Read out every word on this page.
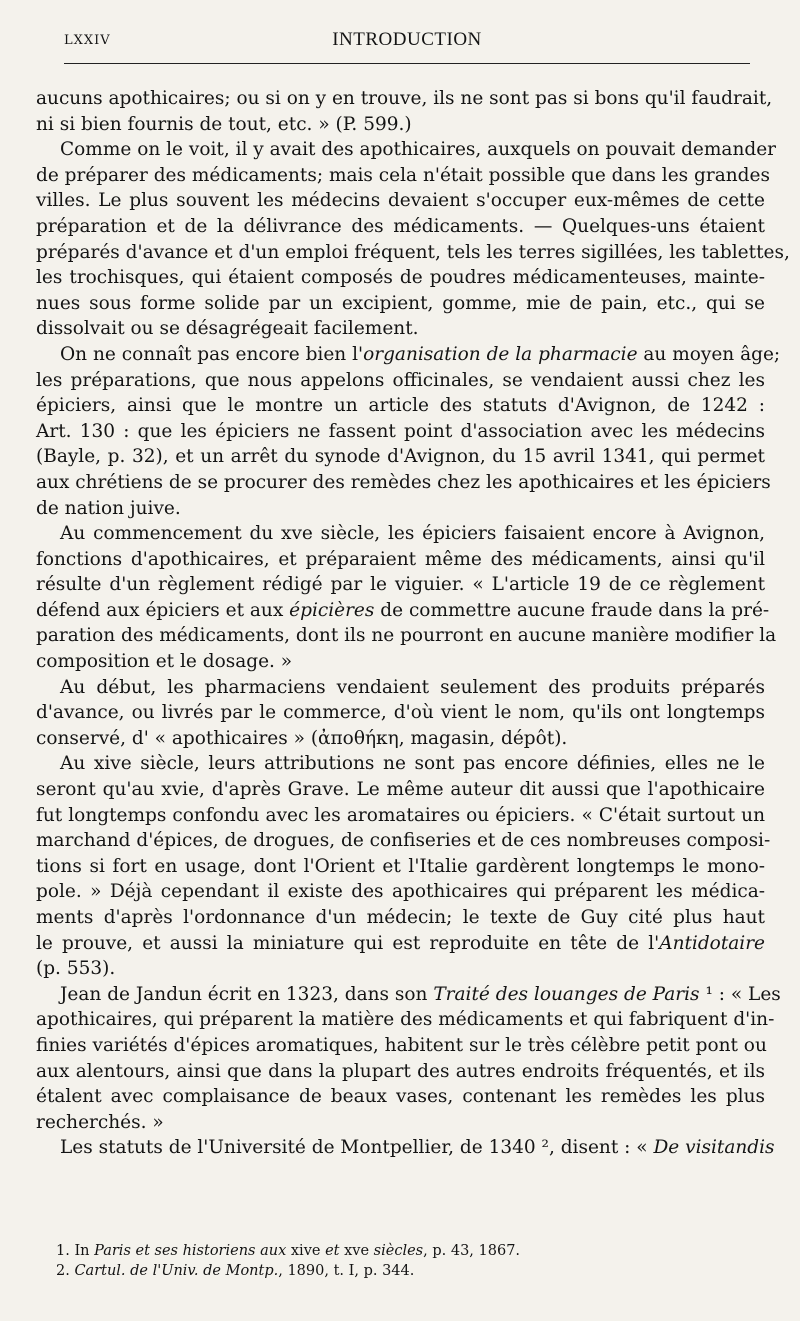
LXXIV	INTRODUCTION
aucuns apothicaires; ou si on y en trouve, ils ne sont pas si bons qu'il faudrait,
ni si bien fournis de tout, etc. » (P. 599.)
Comme on le voit, il y avait des apothicaires, auxquels on pouvait demander
de préparer des médicaments; mais cela n'était possible que dans les grandes
villes. Le plus souvent les médecins devaient s'occuper eux-mêmes de cette
préparation et de la délivrance des médicaments. — Quelques-uns étaient
préparés d'avance et d'un emploi fréquent, tels les terres sigillées, les tablettes,
les trochisques, qui étaient composés de poudres médicamenteuses, mainte-
nues sous forme solide par un excipient, gomme, mie de pain, etc., qui se
dissolvait ou se désagrégeait facilement.
On ne connaît pas encore bien l'organisation de la pharmacie au moyen âge;
les préparations, que nous appelons officinales, se vendaient aussi chez les
épiciers, ainsi que le montre un article des statuts d'Avignon, de 1242 :
Art. 130 : que les épiciers ne fassent point d'association avec les médecins
(Bayle, p. 32), et un arrêt du synode d'Avignon, du 15 avril 1341, qui permet
aux chrétiens de se procurer des remèdes chez les apothicaires et les épiciers
de nation juive.
Au commencement du xve siècle, les épiciers faisaient encore à Avignon,
fonctions d'apothicaires, et préparaient même des médicaments, ainsi qu'il
résulte d'un règlement rédigé par le viguier. « L'article 19 de ce règlement
défend aux épiciers et aux épicières de commettre aucune fraude dans la pré-
paration des médicaments, dont ils ne pourront en aucune manière modifier la
composition et le dosage. »
Au début, les pharmaciens vendaient seulement des produits préparés
d'avance, ou livrés par le commerce, d'où vient le nom, qu'ils ont longtemps
conservé, d' « apothicaires » (ἀποθήκη, magasin, dépôt).
Au xive siècle, leurs attributions ne sont pas encore définies, elles ne le
seront qu'au xvie, d'après Grave. Le même auteur dit aussi que l'apothicaire
fut longtemps confondu avec les aromataires ou épiciers. « C'était surtout un
marchand d'épices, de drogues, de confiseries et de ces nombreuses composi-
tions si fort en usage, dont l'Orient et l'Italie gardèrent longtemps le mono-
pole. » Déjà cependant il existe des apothicaires qui préparent les médica-
ments d'après l'ordonnance d'un médecin; le texte de Guy cité plus haut
le prouve, et aussi la miniature qui est reproduite en tête de l'Antidotaire
(p. 553).
Jean de Jandun écrit en 1323, dans son Traité des louanges de Paris ¹ : « Les
apothicaires, qui préparent la matière des médicaments et qui fabriquent d'in-
finies variétés d'épices aromatiques, habitent sur le très célèbre petit pont ou
aux alentours, ainsi que dans la plupart des autres endroits fréquentés, et ils
étalent avec complaisance de beaux vases, contenant les remèdes les plus
recherchés. »
Les statuts de l'Université de Montpellier, de 1340 ², disent : « De visitandis
1. In Paris et ses historiens aux xive et xve siècles, p. 43, 1867.
2. Cartul. de l'Univ. de Montp., 1890, t. I, p. 344.
